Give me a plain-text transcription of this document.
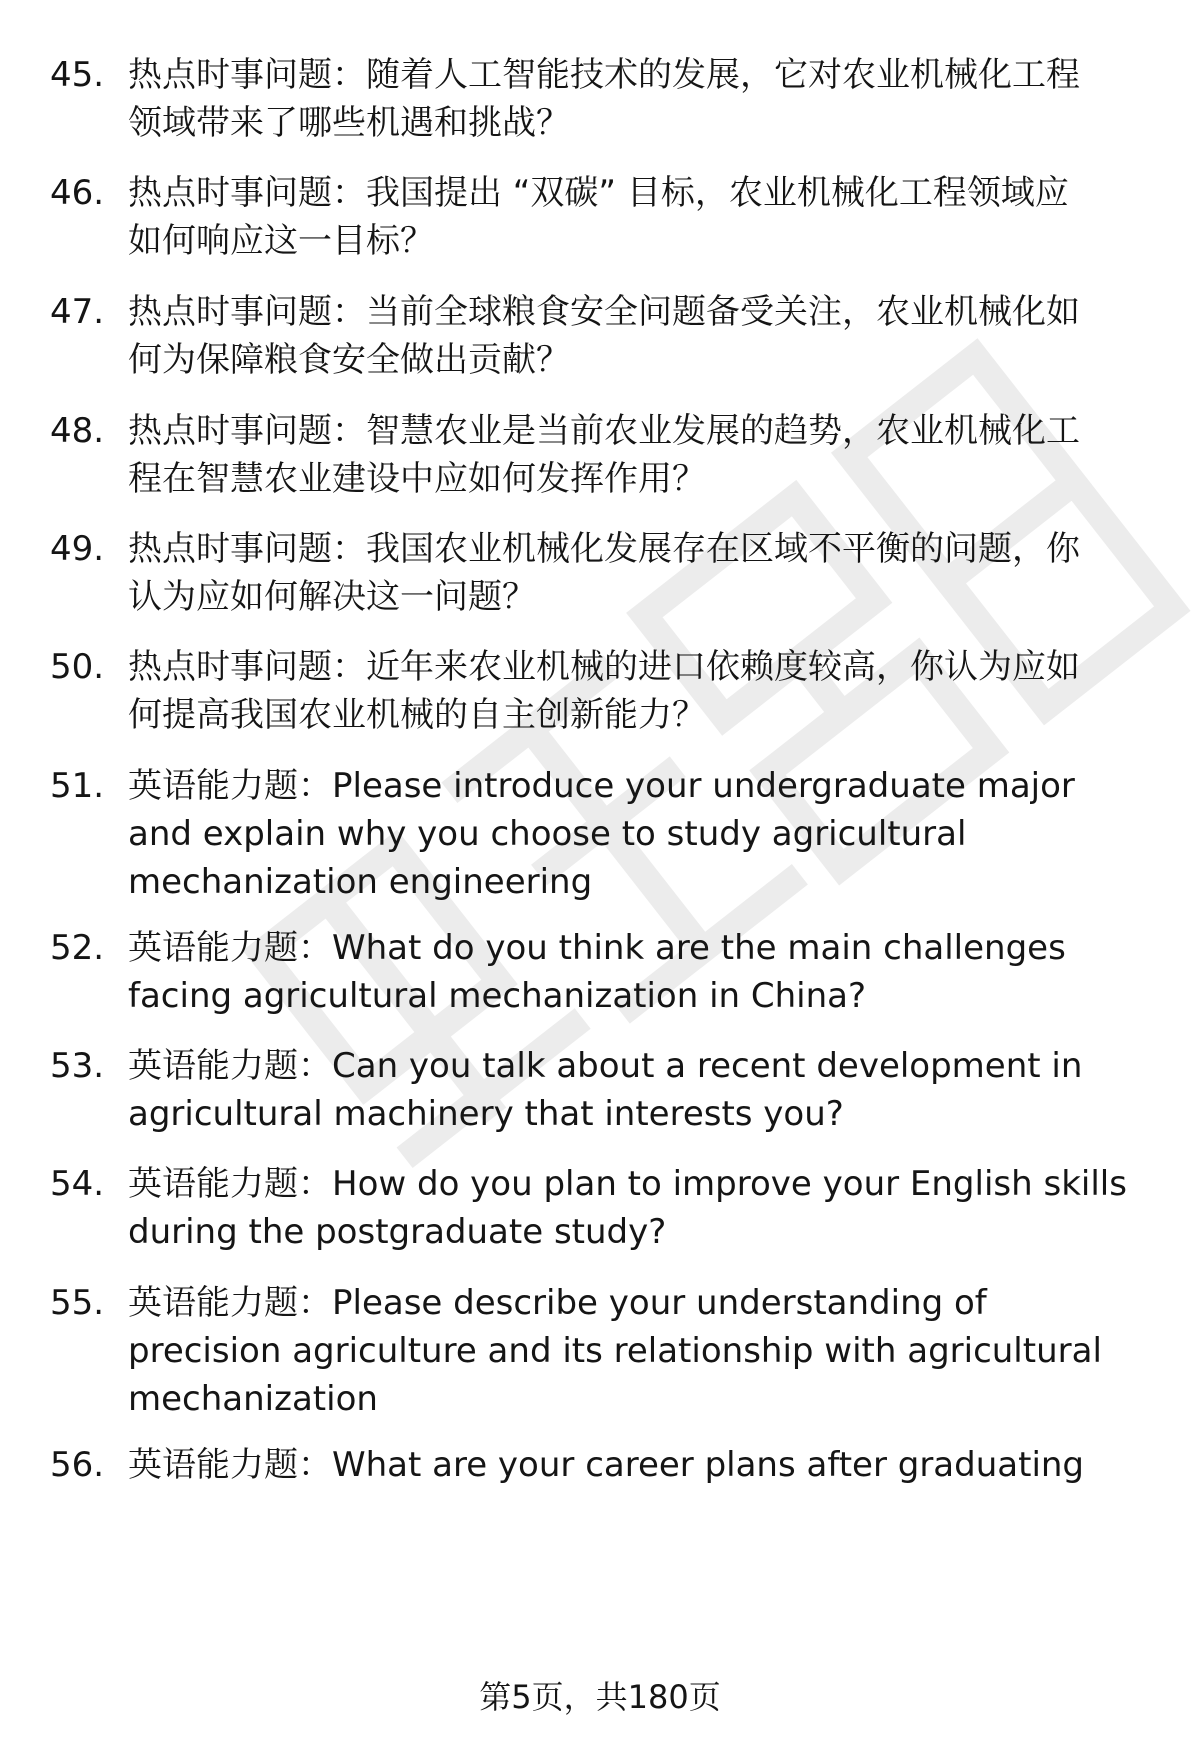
45. 热点时事问题：随着人工智能技术的发展，它对农业机械化工程
领域带来了哪些机遇和挑战？
46. 热点时事问题：我国提出 “双碳” 目标，农业机械化工程领域应
如何响应这一目标？
47. 热点时事问题：当前全球粮食安全问题备受关注，农业机械化如
何为保障粮食安全做出贡献？
48. 热点时事问题：智慧农业是当前农业发展的趋势，农业机械化工
程在智慧农业建设中应如何发挥作用？
49. 热点时事问题：我国农业机械化发展存在区域不平衡的问题，你
认为应如何解决这一问题？
50. 热点时事问题：近年来农业机械的进口依赖度较高，你认为应如
何提高我国农业机械的自主创新能力？
51. 英语能力题：Please introduce your undergraduate major
and explain why you choose to study agricultural
mechanization engineering
52. 英语能力题：What do you think are the main challenges
facing agricultural mechanization in China?
53. 英语能力题：Can you talk about a recent development in
agricultural machinery that interests you?
54. 英语能力题：How do you plan to improve your English skills
during the postgraduate study?
55. 英语能力题：Please describe your understanding of
precision agriculture and its relationship with agricultural
mechanization
56. 英语能力题：What are your career plans after graduating
第5页，共180页
